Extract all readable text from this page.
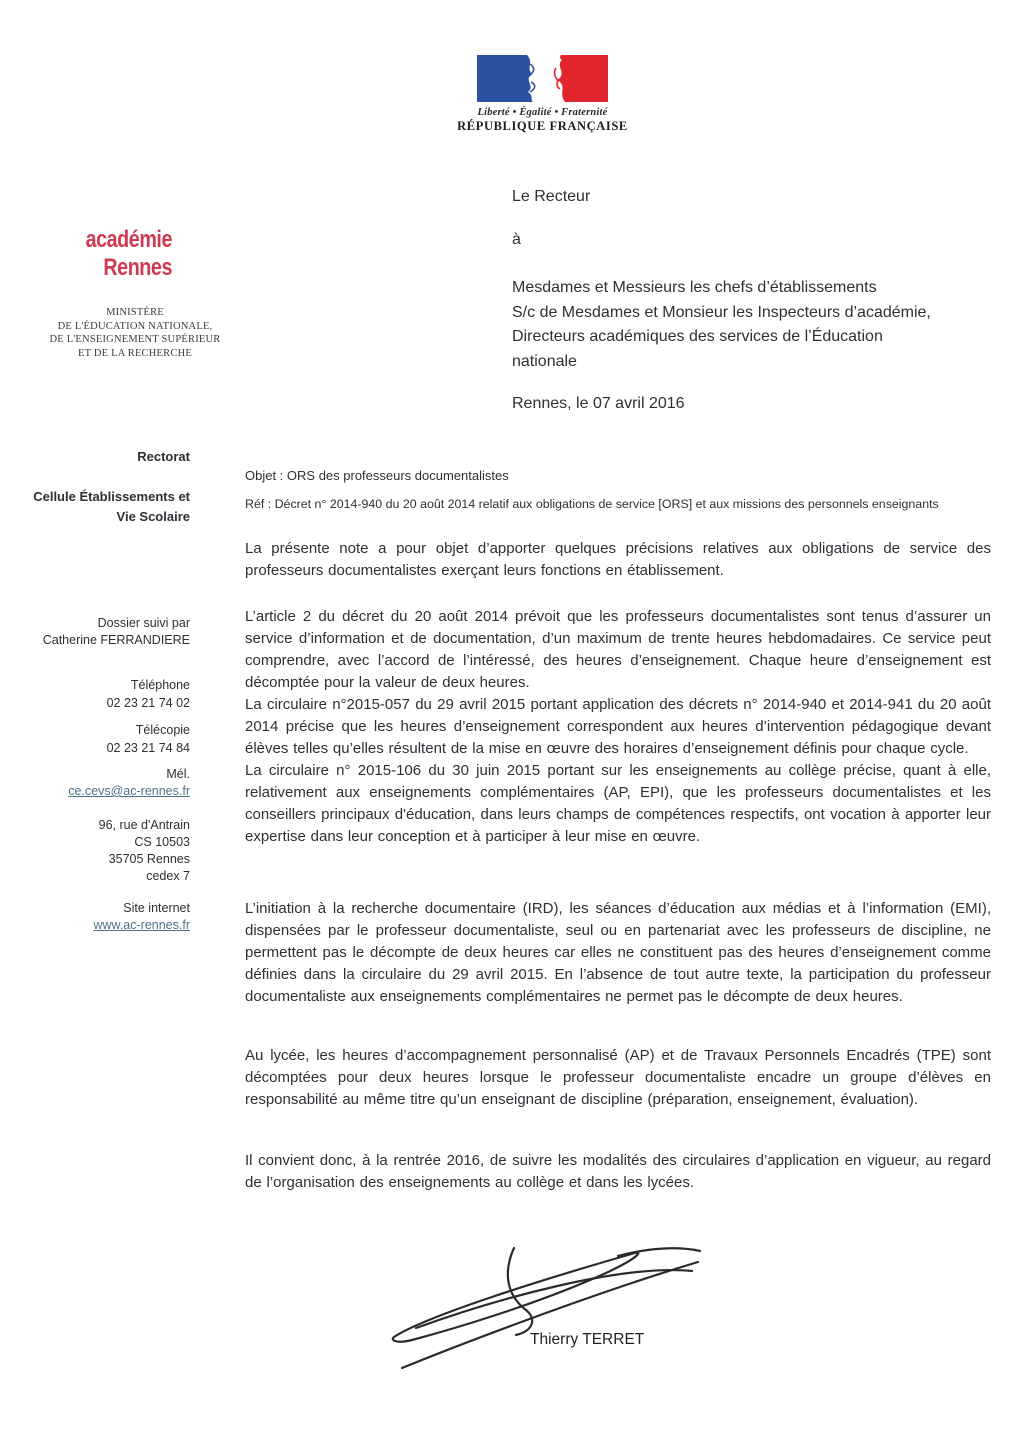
Liberté • Égalité • Fraternité
RÉPUBLIQUE FRANÇAISE
académie
Rennes
MINISTÈRE
DE L'ÉDUCATION NATIONALE,
DE L'ENSEIGNEMENT SUPÉRIEUR
ET DE LA RECHERCHE
Le Recteur
à
Mesdames et Messieurs les chefs d’établissements
S/c de Mesdames et Monsieur les Inspecteurs d’académie,
Directeurs académiques des services de l’Éducation
nationale
Rennes, le 07 avril 2016
Rectorat
Cellule Établissements et
Vie Scolaire
Dossier suivi par
Catherine FERRANDIERE
Téléphone
02 23 21 74 02
Télécopie
02 23 21 74 84
Mél.
ce.cevs@ac-rennes.fr
96, rue d'Antrain
CS 10503
35705 Rennes
cedex 7
Site internet
www.ac-rennes.fr
Objet : ORS des professeurs documentalistes
Réf : Décret n° 2014-940 du 20 août 2014 relatif aux obligations de service [ORS] et aux missions des personnels enseignants
La présente note a pour objet d’apporter quelques précisions relatives aux obligations de service des professeurs documentalistes exerçant leurs fonctions en établissement.
L’article 2 du décret du 20 août 2014 prévoit que les professeurs documentalistes sont tenus d’assurer un service d’information et de documentation, d’un maximum de trente heures hebdomadaires. Ce service peut comprendre, avec l’accord de l’intéressé, des heures d’enseignement. Chaque heure d’enseignement est décomptée pour la valeur de deux heures.
La circulaire n°2015-057 du 29 avril 2015 portant application des décrets n° 2014-940 et 2014-941 du 20 août 2014 précise que les heures d’enseignement correspondent aux heures d’intervention pédagogique devant élèves telles qu’elles résultent de la mise en œuvre des horaires d’enseignement définis pour chaque cycle.
La circulaire n° 2015-106 du 30 juin 2015 portant sur les enseignements au collège précise, quant à elle, relativement aux enseignements complémentaires (AP, EPI), que les professeurs documentalistes et les conseillers principaux d'éducation, dans leurs champs de compétences respectifs, ont vocation à apporter leur expertise dans leur conception et à participer à leur mise en œuvre.
L’initiation à la recherche documentaire (IRD), les séances d’éducation aux médias et à l’information (EMI), dispensées par le professeur documentaliste, seul ou en partenariat avec les professeurs de discipline, ne permettent pas le décompte de deux heures car elles ne constituent pas des heures d’enseignement comme définies dans la circulaire du 29 avril 2015. En l’absence de tout autre texte, la participation du professeur documentaliste aux enseignements complémentaires ne permet pas le décompte de deux heures.
Au lycée, les heures d’accompagnement personnalisé (AP) et de Travaux Personnels Encadrés (TPE) sont décomptées pour deux heures lorsque le professeur documentaliste encadre un groupe d’élèves en responsabilité au même titre qu’un enseignant de discipline (préparation, enseignement, évaluation).
Il convient donc, à la rentrée 2016, de suivre les modalités des circulaires d’application en vigueur, au regard de l’organisation des enseignements au collège et dans les lycées.
Thierry TERRET
